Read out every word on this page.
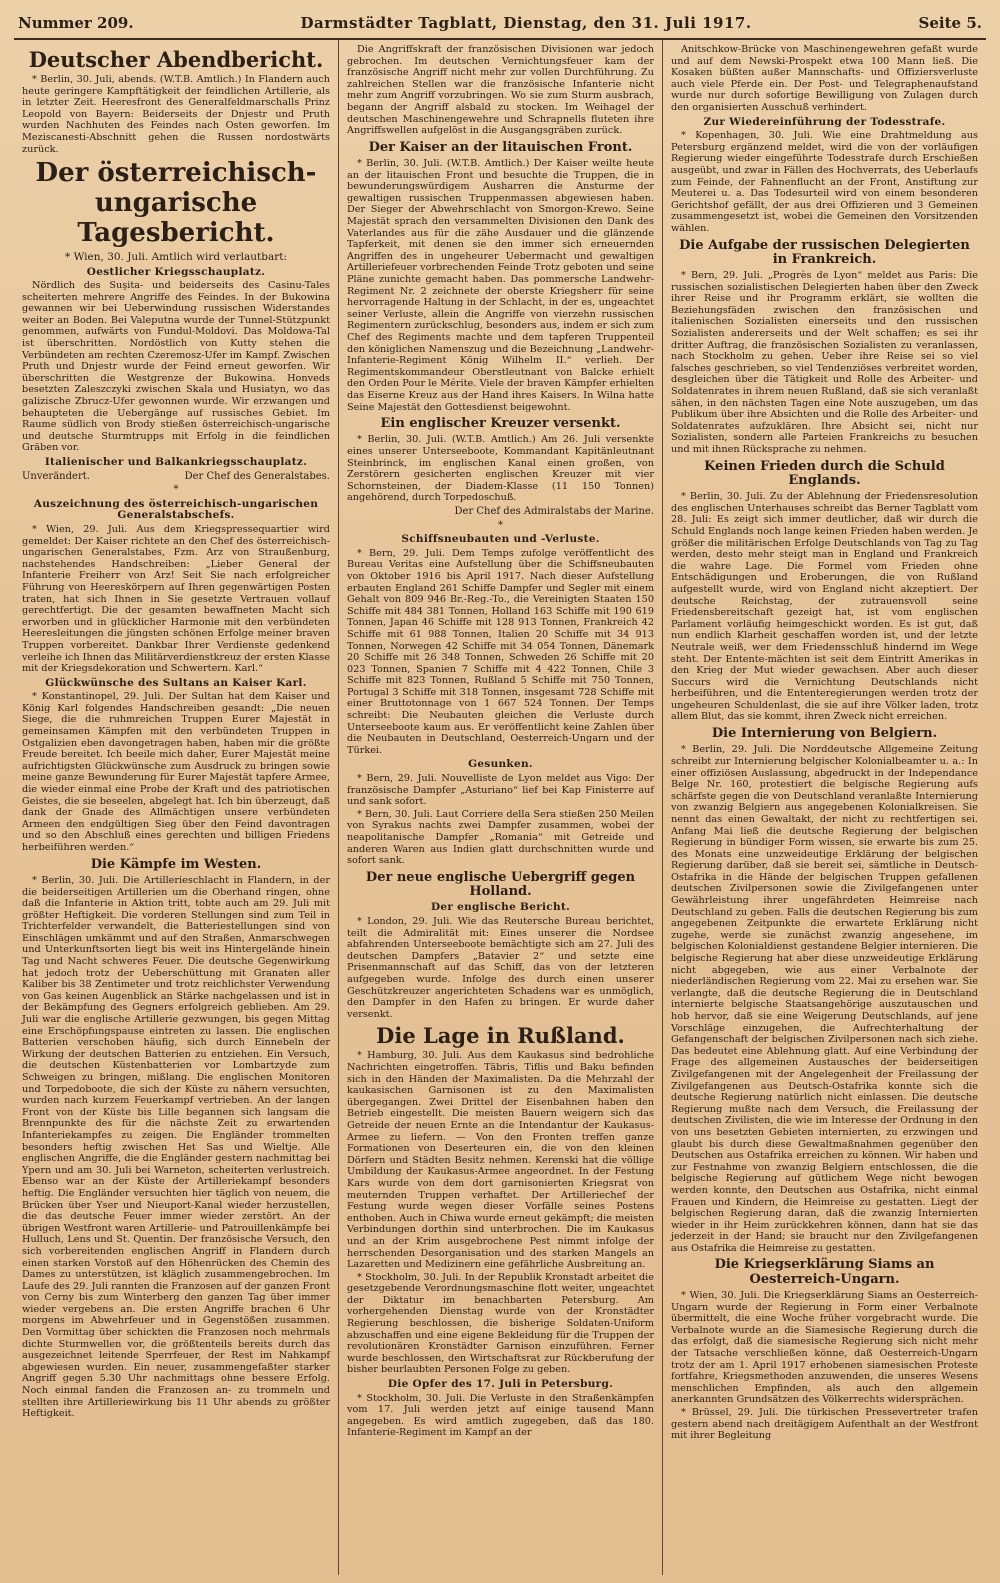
Nummer 209.	Darmstädter Tagblatt, Dienstag, den 31. Juli 1917.	Seite 5.
Deutscher Abendbericht.

* Berlin, 30. Juli, abends. (W.T.B. Amtlich.) In Flandern auch heute geringere Kampftätigkeit der feindlichen Artillerie, als in letzter Zeit. Heeresfront des Generalfeldmarschalls Prinz Leopold von Bayern: Beiderseits der Dnjestr und Pruth wurden Nachhuten des Feindes nach Osten geworfen. Im Meziscanesti-Abschnitt gehen die Russen nordostwärts zurück.

Der österreichisch-ungarische Tagesbericht.
* Wien, 30. Juli. Amtlich wird verlautbart:
Oestlicher Kriegsschauplatz.

Nördlich des Suşita- und beiderseits des Casinu-Tales scheiterten mehrere Angriffe des Feindes. In der Bukowina gewannen wir bei Ueberwindung russischen Widerstandes weiter an Boden. Bei Valeputna wurde der Tunnel-Stützpunkt genommen, aufwärts von Fundul-Moldovi. Das Moldowa-Tal ist überschritten. Nordöstlich von Kutty stehen die Verbündeten am rechten Czeremosz-Ufer im Kampf. Zwischen Pruth und Dnjestr wurde der Feind erneut geworfen. Wir überschritten die Westgrenze der Bukowina. Honveds besetzten Zaleszczyki zwischen Skala und Husiatyn, wo das galizische Zbrucz-Ufer gewonnen wurde. Wir erzwangen und behaupteten die Uebergänge auf russisches Gebiet. Im Raume südlich von Brody stießen österreichisch-ungarische und deutsche Sturmtrupps mit Erfolg in die feindlichen Gräben vor.

Italienischer und Balkankriegsschauplatz.
Unverändert.	Der Chef des Generalstabes.
*
Auszeichnung des österreichisch-ungarischen Generalstabschefs.

* Wien, 29. Juli. Aus dem Kriegspressequartier wird gemeldet: Der Kaiser richtete an den Chef des österreichisch-ungarischen Generalstabes, Fzm. Arz von Straußenburg, nachstehendes Handschreiben: „Lieber General der Infanterie Freiherr von Arz! Seit Sie nach erfolgreicher Führung von Heereskörpern auf Ihren gegenwärtigen Posten traten, hat sich Ihnen in Sie gesetzte Vertrauen vollauf gerechtfertigt. Die der gesamten bewaffneten Macht sich erworben und in glücklicher Harmonie mit den verbündeten Heeresleitungen die jüngsten schönen Erfolge meiner braven Truppen vorbereitet. Dankbar Ihrer Verdienste gedenkend verleihe ich Ihnen das Militärverdienstkreuz der ersten Klasse mit der Kriegsdekoration und Schwertern. Karl.“

Glückwünsche des Sultans an Kaiser Karl.

* Konstantinopel, 29. Juli. Der Sultan hat dem Kaiser und König Karl folgendes Handschreiben gesandt: „Die neuen Siege, die die ruhmreichen Truppen Eurer Majestät in gemeinsamen Kämpfen mit den verbündeten Truppen in Ostgalizien eben davongetragen haben, haben mir die größte Freude bereitet. Ich beeile mich daher, Eurer Majestät meine aufrichtigsten Glückwünsche zum Ausdruck zu bringen sowie meine ganze Bewunderung für Eurer Majestät tapfere Armee, die wieder einmal eine Probe der Kraft und des patriotischen Geistes, die sie beseelen, abgelegt hat. Ich bin überzeugt, daß dank der Gnade des Allmächtigen unsere verbündeten Armeen den endgültigen Sieg über den Feind davontragen und so den Abschluß eines gerechten und billigen Friedens herbeiführen werden.“

Die Kämpfe im Westen.

* Berlin, 30. Juli. Die Artillerieschlacht in Flandern, in der die beiderseitigen Artillerien um die Oberhand ringen, ohne daß die Infanterie in Aktion tritt, tobte auch am 29. Juli mit größter Heftigkeit. Die vorderen Stellungen sind zum Teil in Trichterfelder verwandelt, die Batteriestellungen sind von Einschlägen umkämmt und auf den Straßen, Anmarschwegen und Unterkunftsorten liegt bis weit ins Hintergelände hinein Tag und Nacht schweres Feuer. Die deutsche Gegenwirkung hat jedoch trotz der Ueberschüttung mit Granaten aller Kaliber bis 38 Zentimeter und trotz reichlichster Verwendung von Gas keinen Augenblick an Stärke nachgelassen und ist in der Bekämpfung des Gegners erfolgreich geblieben. Am 29. Juli war die englische Artillerie gezwungen, bis gegen Mittag eine Erschöpfungspause eintreten zu lassen. Die englischen Batterien verschoben häufig, sich durch Einnebeln der Wirkung der deutschen Batterien zu entziehen. Ein Versuch, die deutschen Küstenbatterien vor Lombartzyde zum Schweigen zu bringen, mißlang. Die englischen Monitoren und Torpedoboote, die sich der Küste zu nähern versuchten, wurden nach kurzem Feuerkampf vertrieben. An der langen Front von der Küste bis Lille begannen sich langsam die Brennpunkte des für die nächste Zeit zu erwartenden Infanteriekampfes zu zeigen. Die Engländer trommelten besonders heftig zwischen Het Sas und Wieltje. Alle englischen Angriffe, die die Engländer gestern nachmittag bei Ypern und am 30. Juli bei Warneton, scheiterten verlustreich. Ebenso war an der Küste der Artilleriekampf besonders heftig. Die Engländer versuchten hier täglich von neuem, die Brücken über Yser und Nieuport-Kanal wieder herzustellen, die das deutsche Feuer immer wieder zerstört. An der übrigen Westfront waren Artillerie- und Patrouillenkämpfe bei Hulluch, Lens und St. Quentin. Der französische Versuch, den sich vorbereitenden englischen Angriff in Flandern durch einen starken Vorstoß auf den Höhenrücken des Chemin des Dames zu unterstützen, ist kläglich zusammengebrochen. Im Laufe des 29. Juli rannten die Franzosen auf der ganzen Front von Cerny bis zum Winterberg den ganzen Tag über immer wieder vergebens an. Die ersten Angriffe brachen 6 Uhr morgens im Abwehrfeuer und in Gegenstößen zusammen. Den Vormittag über schickten die Franzosen noch mehrmals dichte Sturmwellen vor, die größtenteils bereits durch das ausgezeichnet leitende Sperrfeuer, der Rest im Nahkampf abgewiesen wurden. Ein neuer, zusammengefaßter starker Angriff gegen 5.30 Uhr nachmittags ohne bessere Erfolg. Noch einmal fanden die Franzosen an- zu trommeln und stellten ihre Artilleriewirkung bis 11 Uhr abends zu größter Heftigkeit.

Die Angriffskraft der französischen Divisionen war jedoch gebrochen. Im deutschen Vernichtungsfeuer kam der französische Angriff nicht mehr zur vollen Durchführung. Zu zahlreichen Stellen war die französische Infanterie nicht mehr zum Angriff vorzubringen. Wo sie zum Sturm ausbrach, begann der Angriff alsbald zu stocken. Im Weihagel der deutschen Maschinengewehre und Schrapnells fluteten ihre Angriffswellen aufgelöst in die Ausgangsgräben zurück.

Der Kaiser an der litauischen Front.

* Berlin, 30. Juli. (W.T.B. Amtlich.) Der Kaiser weilte heute an der litauischen Front und besuchte die Truppen, die in bewunderungswürdigem Ausharren die Ansturme der gewaltigen russischen Truppenmassen abgewiesen haben. Der Sieger der Abwehrschlacht von Smorgon-Krewo. Seine Majestät sprach den versammelten Divisionen den Dank des Vaterlandes aus für die zähe Ausdauer und die glänzende Tapferkeit, mit denen sie den immer sich erneuernden Angriffen des in ungeheurer Uebermacht und gewaltigen Artilleriefeuer vorbrechenden Feinde Trotz geboten und seine Pläne zunichte gemacht haben. Das pommersche Landwehr-Regiment Nr. 2 zeichnete der oberste Kriegsherr für seine hervorragende Haltung in der Schlacht, in der es, ungeachtet seiner Verluste, allein die Angriffe von vierzehn russischen Regimentern zurückschlug, besonders aus, indem er sich zum Chef des Regiments machte und dem tapferen Truppenteil den königlichen Namenszug und die Bezeichnung „Landwehr-Infanterie-Regiment König Wilhelm II.“ verlieh. Der Regimentskommandeur Oberstleutnant von Balcke erhielt den Orden Pour le Mérite. Viele der braven Kämpfer erhielten das Eiserne Kreuz aus der Hand ihres Kaisers. In Wilna hatte Seine Majestät den Gottesdienst beigewohnt.

Ein englischer Kreuzer versenkt.

* Berlin, 30. Juli. (W.T.B. Amtlich.) Am 26. Juli versenkte eines unserer Unterseeboote, Kommandant Kapitänleutnant Steinbrinck, im englischen Kanal einen großen, von Zerstörern gesicherten englischen Kreuzer mit vier Schornsteinen, der Diadem-Klasse (11 150 Tonnen) angehörend, durch Torpedoschuß.

Der Chef des Admiralstabs der Marine.
*
Schiffsneubauten und -Verluste.

* Bern, 29. Juli. Dem Temps zufolge veröffentlicht des Bureau Veritas eine Aufstellung über die Schiffsneubauten von Oktober 1916 bis April 1917. Nach dieser Aufstellung erbauten England 261 Schiffe Dampfer und Segler mit einem Gehalt von 809 946 Br.-Reg.-To., die Vereinigten Staaten 150 Schiffe mit 484 381 Tonnen, Holland 163 Schiffe mit 190 619 Tonnen, Japan 46 Schiffe mit 128 913 Tonnen, Frankreich 42 Schiffe mit 61 988 Tonnen, Italien 20 Schiffe mit 34 913 Tonnen, Norwegen 42 Schiffe mit 34 054 Tonnen, Dänemark 20 Schiffe mit 26 348 Tonnen, Schweden 26 Schiffe mit 20 023 Tonnen, Spanien 7 Schiffe mit 4 422 Tonnen, Chile 3 Schiffe mit 823 Tonnen, Rußland 5 Schiffe mit 750 Tonnen, Portugal 3 Schiffe mit 318 Tonnen, insgesamt 728 Schiffe mit einer Bruttotonnage von 1 667 524 Tonnen. Der Temps schreibt: Die Neubauten gleichen die Verluste durch Unterseeboote kaum aus. Er veröffentlicht keine Zahlen über die Neubauten in Deutschland, Oesterreich-Ungarn und der Türkei.

Gesunken.

* Bern, 29. Juli. Nouvelliste de Lyon meldet aus Vigo: Der französische Dampfer „Asturiano“ lief bei Kap Finisterre auf und sank sofort.

* Bern, 30. Juli. Laut Corriere della Sera stießen 250 Meilen von Syrakus nachts zwei Dampfer zusammen, wobei der neapolitanische Dampfer „Romania“ mit Getreide und anderen Waren aus Indien glatt durchschnitten wurde und sofort sank.

Der neue englische Uebergriff gegen Holland.
Der englische Bericht.

* London, 29. Juli. Wie das Reutersche Bureau berichtet, teilt die Admiralität mit: Eines unserer die Nordsee abfahrenden Unterseeboote bemächtigte sich am 27. Juli des deutschen Dampfers „Batavier 2“ und setzte eine Prisenmannschaft auf das Schiff, das von der letzteren aufgegeben wurde. Infolge des durch einen unserer Geschützkreuzer angerichteten Schadens war es unmöglich, den Dampfer in den Hafen zu bringen. Er wurde daher versenkt.

Die Lage in Rußland.

* Hamburg, 30. Juli. Aus dem Kaukasus sind bedrohliche Nachrichten eingetroffen. Täbris, Tiflis und Baku befinden sich in den Händen der Maximalisten. Da die Mehrzahl der kaukasischen Garnisonen ist zu den Maximalisten übergegangen. Zwei Drittel der Eisenbahnen haben den Betrieb eingestellt. Die meisten Bauern weigern sich das Getreide der neuen Ernte an die Intendantur der Kaukasus-Armee zu liefern. — Von den Fronten treffen ganze Formationen von Deserteuren ein, die von den kleinen Dörfern und Städten Besitz nehmen. Kerenski hat die völlige Umbildung der Kaukasus-Armee angeordnet. In der Festung Kars wurde von dem dort garnisonierten Kriegsrat von meuternden Truppen verhaftet. Der Artilleriechef der Festung wurde wegen dieser Vorfälle seines Postens enthoben. Auch in Chiwa wurde erneut gekämpft; die meisten Verbindungen dorthin sind unterbrochen. Die im Kaukasus und an der Krim ausgebrochene Pest nimmt infolge der herrschenden Desorganisation und des starken Mangels an Lazaretten und Medizinern eine gefährliche Ausbreitung an.

* Stockholm, 30. Juli. In der Republik Kronstadt arbeitet die gesetzgebende Verordnungsmaschine flott weiter, ungeachtet der Diktatur im benachbarten Petersburg. Am vorhergehenden Dienstag wurde von der Kronstädter Regierung beschlossen, die bisherige Soldaten-Uniform abzuschaffen und eine eigene Bekleidung für die Truppen der revolutionären Kronstädter Garnison einzuführen. Ferner wurde beschlossen, den Wirtschaftsrat zur Rückberufung der bisher beurlaubten Personen Folge zu geben.

Die Opfer des 17. Juli in Petersburg.

* Stockholm, 30. Juli. Die Verluste in den Straßenkämpfen vom 17. Juli werden jetzt auf einige tausend Mann angegeben. Es wird amtlich zugegeben, daß das 180. Infanterie-Regiment im Kampf an der

Anitschkow-Brücke von Maschinengewehren gefaßt wurde und auf dem Newski-Prospekt etwa 100 Mann ließ. Die Kosaken büßten außer Mannschafts- und Offiziersverluste auch viele Pferde ein. Der Post- und Telegraphenaufstand wurde nur durch sofortige Bewilligung von Zulagen durch den organisierten Ausschuß verhindert.

Zur Wiedereinführung der Todesstrafe.

* Kopenhagen, 30. Juli. Wie eine Drahtmeldung aus Petersburg ergänzend meldet, wird die von der vorläufigen Regierung wieder eingeführte Todesstrafe durch Erschießen ausgeübt, und zwar in Fällen des Hochverrats, des Ueberlaufs zum Feinde, der Fahnenflucht an der Front, Anstiftung zur Meuterei u. a. Das Todesurteil wird von einem besonderen Gerichtshof gefällt, der aus drei Offizieren und 3 Gemeinen zusammengesetzt ist, wobei die Gemeinen den Vorsitzenden wählen.

Die Aufgabe der russischen Delegierten in Frankreich.

* Bern, 29. Juli. „Progrès de Lyon“ meldet aus Paris: Die russischen sozialistischen Delegierten haben über den Zweck ihrer Reise und ihr Programm erklärt, sie wollten die Beziehungsfäden zwischen den französischen und italienischen Sozialisten einerseits und den russischen Sozialisten andererseits und der Welt schaffen; es sei ihr dritter Auftrag, die französischen Sozialisten zu veranlassen, nach Stockholm zu gehen. Ueber ihre Reise sei so viel falsches geschrieben, so viel Tendenziöses verbreitet worden, desgleichen über die Tätigkeit und Rolle des Arbeiter- und Soldatenrates in ihrem neuen Rußland, daß sie sich veranlaßt sähen, in den nächsten Tagen eine Note auszugeben, um das Publikum über ihre Absichten und die Rolle des Arbeiter- und Soldatenrates aufzuklären. Ihre Absicht sei, nicht nur Sozialisten, sondern alle Parteien Frankreichs zu besuchen und mit ihnen Rücksprache zu nehmen.

Keinen Frieden durch die Schuld Englands.

* Berlin, 30. Juli. Zu der Ablehnung der Friedensresolution des englischen Unterhauses schreibt das Berner Tagblatt vom 28. Juli: Es zeigt sich immer deutlicher, daß wir durch die Schuld Englands noch lange keinen Frieden haben werden. Je größer die militärischen Erfolge Deutschlands von Tag zu Tag werden, desto mehr steigt man in England und Frankreich die wahre Lage. Die Formel vom Frieden ohne Entschädigungen und Eroberungen, die von Rußland aufgestellt wurde, wird von England nicht akzeptiert. Der deutsche Reichstag, der zutrauensvoll seine Friedensbereitschaft gezeigt hat, ist vom englischen Parlament vorläufig heimgeschickt worden. Es ist gut, daß nun endlich Klarheit geschaffen worden ist, und der letzte Neutrale weiß, wer dem Friedensschluß hindernd im Wege steht. Der Entente-mächten ist seit dem Eintritt Amerikas in den Krieg der Mut wieder gewachsen. Aber auch dieser Succurs wird die Vernichtung Deutschlands nicht herbeiführen, und die Ententeregierungen werden trotz der ungeheuren Schuldenlast, die sie auf ihre Völker laden, trotz allem Blut, das sie kommt, ihren Zweck nicht erreichen.

Die Internierung von Belgiern.

* Berlin, 29. Juli. Die Norddeutsche Allgemeine Zeitung schreibt zur Internierung belgischer Kolonialbeamter u. a.: In einer offiziösen Auslassung, abgedruckt in der Independance Belge Nr. 160, protestiert die belgische Regierung aufs schärfste gegen die von Deutschland veranlaßte Internierung von zwanzig Belgiern aus angegebenen Kolonialkreisen. Sie nennt das einen Gewaltakt, der nicht zu rechtfertigen sei. Anfang Mai ließ die deutsche Regierung der belgischen Regierung in bündiger Form wissen, sie erwarte bis zum 25. des Monats eine unzweideutige Erklärung der belgischen Regierung darüber, daß sie bereit sei, sämtliche in Deutsch-Ostafrika in die Hände der belgischen Truppen gefallenen deutschen Zivilpersonen sowie die Zivilgefangenen unter Gewährleistung ihrer ungefährdeten Heimreise nach Deutschland zu geben. Falls die deutschen Regierung bis zum angegebenen Zeitpunkte die erwartete Erklärung nicht zugehe, werde sie zunächst zwanzig angesehene, im belgischen Kolonialdienst gestandene Belgier internieren. Die belgische Regierung hat aber diese unzweideutige Erklärung nicht abgegeben, wie aus einer Verbalnote der niederländischen Regierung vom 22. Mai zu ersehen war. Sie verlangte, daß die deutsche Regierung die in Deutschland internierte belgische Staatsangehörige auszutauschen und hob hervor, daß sie eine Weigerung Deutschlands, auf jene Vorschläge einzugehen, die Aufrechterhaltung der Gefangenschaft der belgischen Zivilpersonen nach sich ziehe. Das bedeutet eine Ablehnung glatt. Auf eine Verbindung der Frage des allgemeinen Austausches der beiderseitigen Zivilgefangenen mit der Angelegenheit der Freilassung der Zivilgefangenen aus Deutsch-Ostafrika konnte sich die deutsche Regierung natürlich nicht einlassen. Die deutsche Regierung mußte nach dem Versuch, die Freilassung der deutschen Zivilisten, die wie im Interesse der Ordnung in den von uns besetzten Gebieten internierten, zu erzwingen und glaubt bis durch diese Gewaltmaßnahmen gegenüber den Deutschen aus Ostafrika erreichen zu können. Wir haben und zur Festnahme von zwanzig Belgiern entschlossen, die die belgische Regierung auf gütlichem Wege nicht bewogen werden konnte, den Deutschen aus Ostafrika, nicht einmal Frauen und Kindern, die Heimreise zu gestatten. Liegt der belgischen Regierung daran, daß die zwanzig Internierten wieder in ihr Heim zurückkehren können, dann hat sie das jederzeit in der Hand; sie braucht nur den Zivilgefangenen aus Ostafrika die Heimreise zu gestatten.

Die Kriegserklärung Siams an Oesterreich-Ungarn.

* Wien, 30. Juli. Die Kriegserklärung Siams an Oesterreich-Ungarn wurde der Regierung in Form einer Verbalnote übermittelt, die eine Woche früher vorgebracht wurde. Die Verbalnote wurde an die Siamesische Regierung durch die das erfolgt, daß die siamesische Regierung sich nicht mehr der Tatsache verschließen könne, daß Oesterreich-Ungarn trotz der am 1. April 1917 erhobenen siamesischen Proteste fortfahre, Kriegsmethoden anzuwenden, die unseres Wesens menschlichen Empfinden, als auch den allgemein anerkannten Grundsätzen des Völkerrechts widersprächen.

* Brüssel, 29. Juli. Die türkischen Pressevertreter trafen gestern abend nach dreitägigem Aufenthalt an der Westfront mit ihrer Begleitung
